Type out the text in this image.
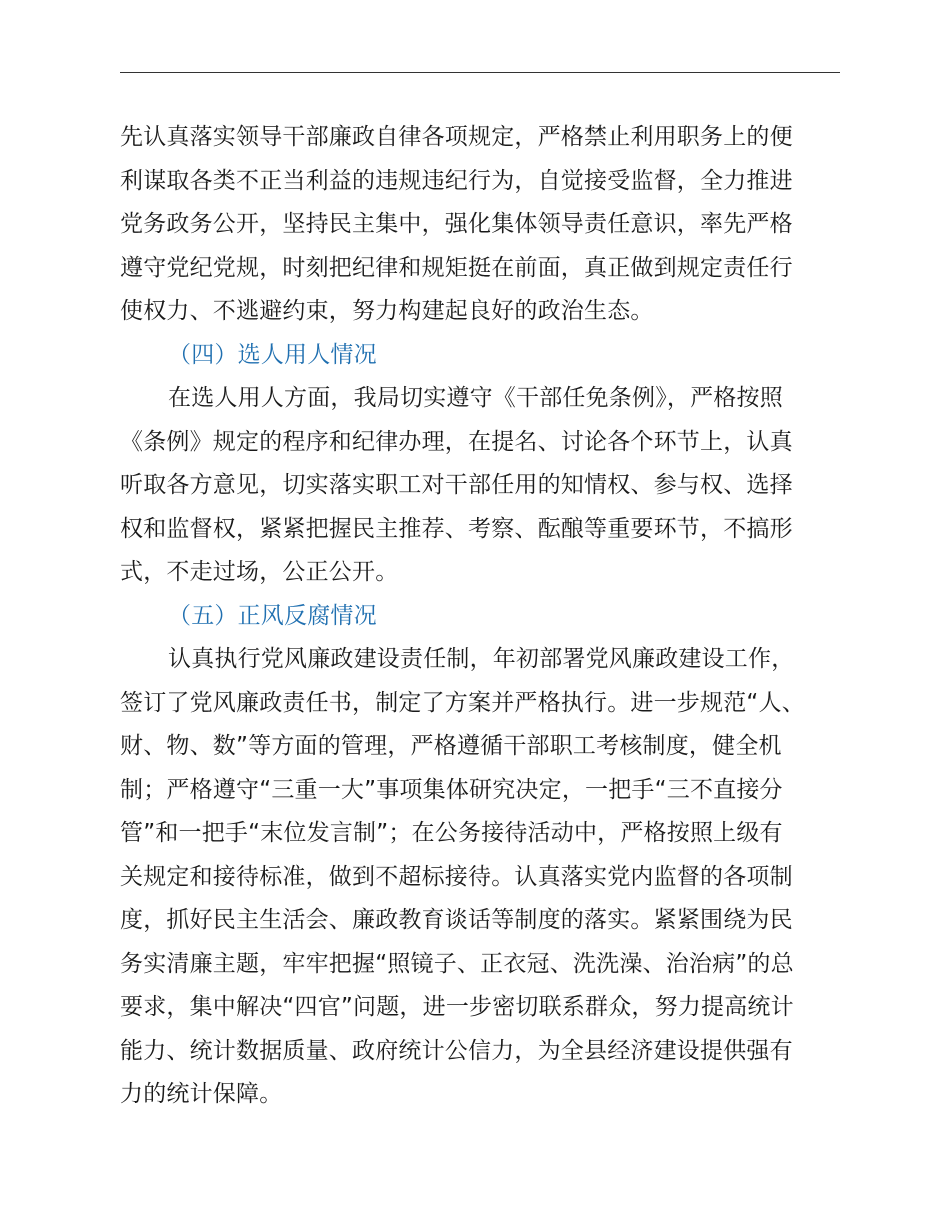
先认真落实领导干部廉政自律各项规定，严格禁止利用职务上的便
利谋取各类不正当利益的违规违纪行为，自觉接受监督，全力推进
党务政务公开，坚持民主集中，强化集体领导责任意识，率先严格
遵守党纪党规，时刻把纪律和规矩挺在前面，真正做到规定责任行
使权力、不逃避约束，努力构建起良好的政治生态。
（四）选人用人情况
在选人用人方面，我局切实遵守《干部任免条例》，严格按照
《条例》规定的程序和纪律办理，在提名、讨论各个环节上，认真
听取各方意见，切实落实职工对干部任用的知情权、参与权、选择
权和监督权，紧紧把握民主推荐、考察、酝酿等重要环节，不搞形
式，不走过场，公正公开。
（五）正风反腐情况
认真执行党风廉政建设责任制，年初部署党风廉政建设工作，
签订了党风廉政责任书，制定了方案并严格执行。进一步规范“人、
财、物、数”等方面的管理，严格遵循干部职工考核制度，健全机
制；严格遵守“三重一大”事项集体研究决定，一把手“三不直接分
管”和一把手“末位发言制”；在公务接待活动中，严格按照上级有
关规定和接待标准，做到不超标接待。认真落实党内监督的各项制
度，抓好民主生活会、廉政教育谈话等制度的落实。紧紧围绕为民
务实清廉主题，牢牢把握“照镜子、正衣冠、洗洗澡、治治病”的总
要求，集中解决“四官”问题，进一步密切联系群众，努力提高统计
能力、统计数据质量、政府统计公信力，为全县经济建设提供强有
力的统计保障。
